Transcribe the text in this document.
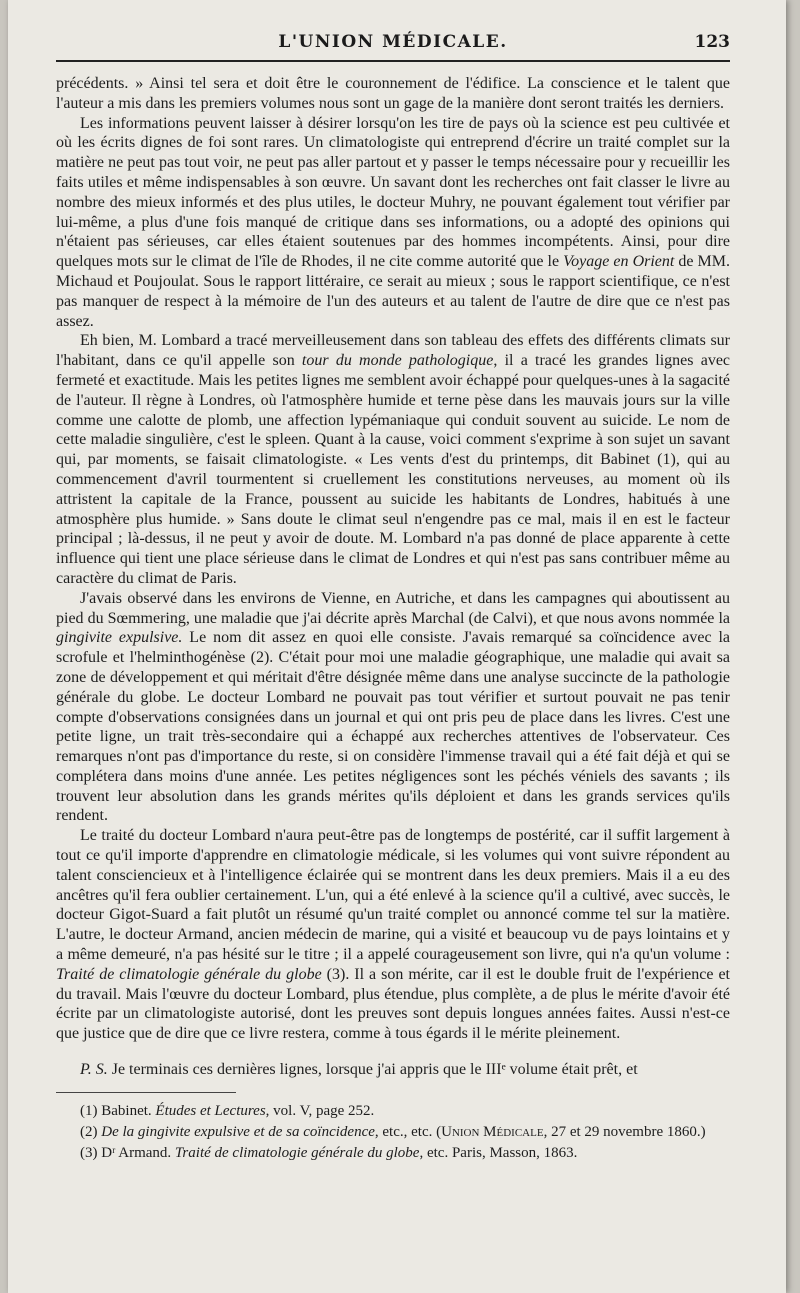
L'UNION MÉDICALE.	123

précédents. » Ainsi tel sera et doit être le couronnement de l'édifice. La conscience et le talent que l'auteur a mis dans les premiers volumes nous sont un gage de la manière dont seront traités les derniers.

Les informations peuvent laisser à désirer lorsqu'on les tire de pays où la science est peu cultivée et où les écrits dignes de foi sont rares. Un climatologiste qui entreprend d'écrire un traité complet sur la matière ne peut pas tout voir, ne peut pas aller partout et y passer le temps nécessaire pour y recueillir les faits utiles et même indispensables à son œuvre. Un savant dont les recherches ont fait classer le livre au nombre des mieux informés et des plus utiles, le docteur Muhry, ne pouvant également tout vérifier par lui-même, a plus d'une fois manqué de critique dans ses informations, ou a adopté des opinions qui n'étaient pas sérieuses, car elles étaient soutenues par des hommes incompétents. Ainsi, pour dire quelques mots sur le climat de l'île de Rhodes, il ne cite comme autorité que le Voyage en Orient de MM. Michaud et Poujoulat. Sous le rapport littéraire, ce serait au mieux ; sous le rapport scientifique, ce n'est pas manquer de respect à la mémoire de l'un des auteurs et au talent de l'autre de dire que ce n'est pas assez.

Eh bien, M. Lombard a tracé merveilleusement dans son tableau des effets des différents climats sur l'habitant, dans ce qu'il appelle son tour du monde pathologique, il a tracé les grandes lignes avec fermeté et exactitude. Mais les petites lignes me semblent avoir échappé pour quelques-unes à la sagacité de l'auteur. Il règne à Londres, où l'atmosphère humide et terne pèse dans les mauvais jours sur la ville comme une calotte de plomb, une affection lypémaniaque qui conduit souvent au suicide. Le nom de cette maladie singulière, c'est le spleen. Quant à la cause, voici comment s'exprime à son sujet un savant qui, par moments, se faisait climatologiste. « Les vents d'est du printemps, dit Babinet (1), qui au commencement d'avril tourmentent si cruellement les constitutions nerveuses, au moment où ils attristent la capitale de la France, poussent au suicide les habitants de Londres, habitués à une atmosphère plus humide. » Sans doute le climat seul n'engendre pas ce mal, mais il en est le facteur principal ; là-dessus, il ne peut y avoir de doute. M. Lombard n'a pas donné de place apparente à cette influence qui tient une place sérieuse dans le climat de Londres et qui n'est pas sans contribuer même au caractère du climat de Paris.

J'avais observé dans les environs de Vienne, en Autriche, et dans les campagnes qui aboutissent au pied du Sœmmering, une maladie que j'ai décrite après Marchal (de Calvi), et que nous avons nommée la gingivite expulsive. Le nom dit assez en quoi elle consiste. J'avais remarqué sa coïncidence avec la scrofule et l'helminthogénèse (2). C'était pour moi une maladie géographique, une maladie qui avait sa zone de développement et qui méritait d'être désignée même dans une analyse succincte de la pathologie générale du globe. Le docteur Lombard ne pouvait pas tout vérifier et surtout pouvait ne pas tenir compte d'observations consignées dans un journal et qui ont pris peu de place dans les livres. C'est une petite ligne, un trait très-secondaire qui a échappé aux recherches attentives de l'observateur. Ces remarques n'ont pas d'importance du reste, si on considère l'immense travail qui a été fait déjà et qui se complétera dans moins d'une année. Les petites négligences sont les péchés véniels des savants ; ils trouvent leur absolution dans les grands mérites qu'ils déploient et dans les grands services qu'ils rendent.

Le traité du docteur Lombard n'aura peut-être pas de longtemps de postérité, car il suffit largement à tout ce qu'il importe d'apprendre en climatologie médicale, si les volumes qui vont suivre répondent au talent consciencieux et à l'intelligence éclairée qui se montrent dans les deux premiers. Mais il a eu des ancêtres qu'il fera oublier certainement. L'un, qui a été enlevé à la science qu'il a cultivé, avec succès, le docteur Gigot-Suard a fait plutôt un résumé qu'un traité complet ou annoncé comme tel sur la matière. L'autre, le docteur Armand, ancien médecin de marine, qui a visité et beaucoup vu de pays lointains et y a même demeuré, n'a pas hésité sur le titre ; il a appelé courageusement son livre, qui n'a qu'un volume : Traité de climatologie générale du globe (3). Il a son mérite, car il est le double fruit de l'expérience et du travail. Mais l'œuvre du docteur Lombard, plus étendue, plus complète, a de plus le mérite d'avoir été écrite par un climatologiste autorisé, dont les preuves sont depuis longues années faites. Aussi n'est-ce que justice que de dire que ce livre restera, comme à tous égards il le mérite pleinement.

P. S. Je terminais ces dernières lignes, lorsque j'ai appris que le IIIᵉ volume était prêt, et

(1) Babinet. Études et Lectures, vol. V, page 252.

(2) De la gingivite expulsive et de sa coïncidence, etc., etc. (Union Médicale, 27 et 29 novembre 1860.)

(3) Dʳ Armand. Traité de climatologie générale du globe, etc. Paris, Masson, 1863.
